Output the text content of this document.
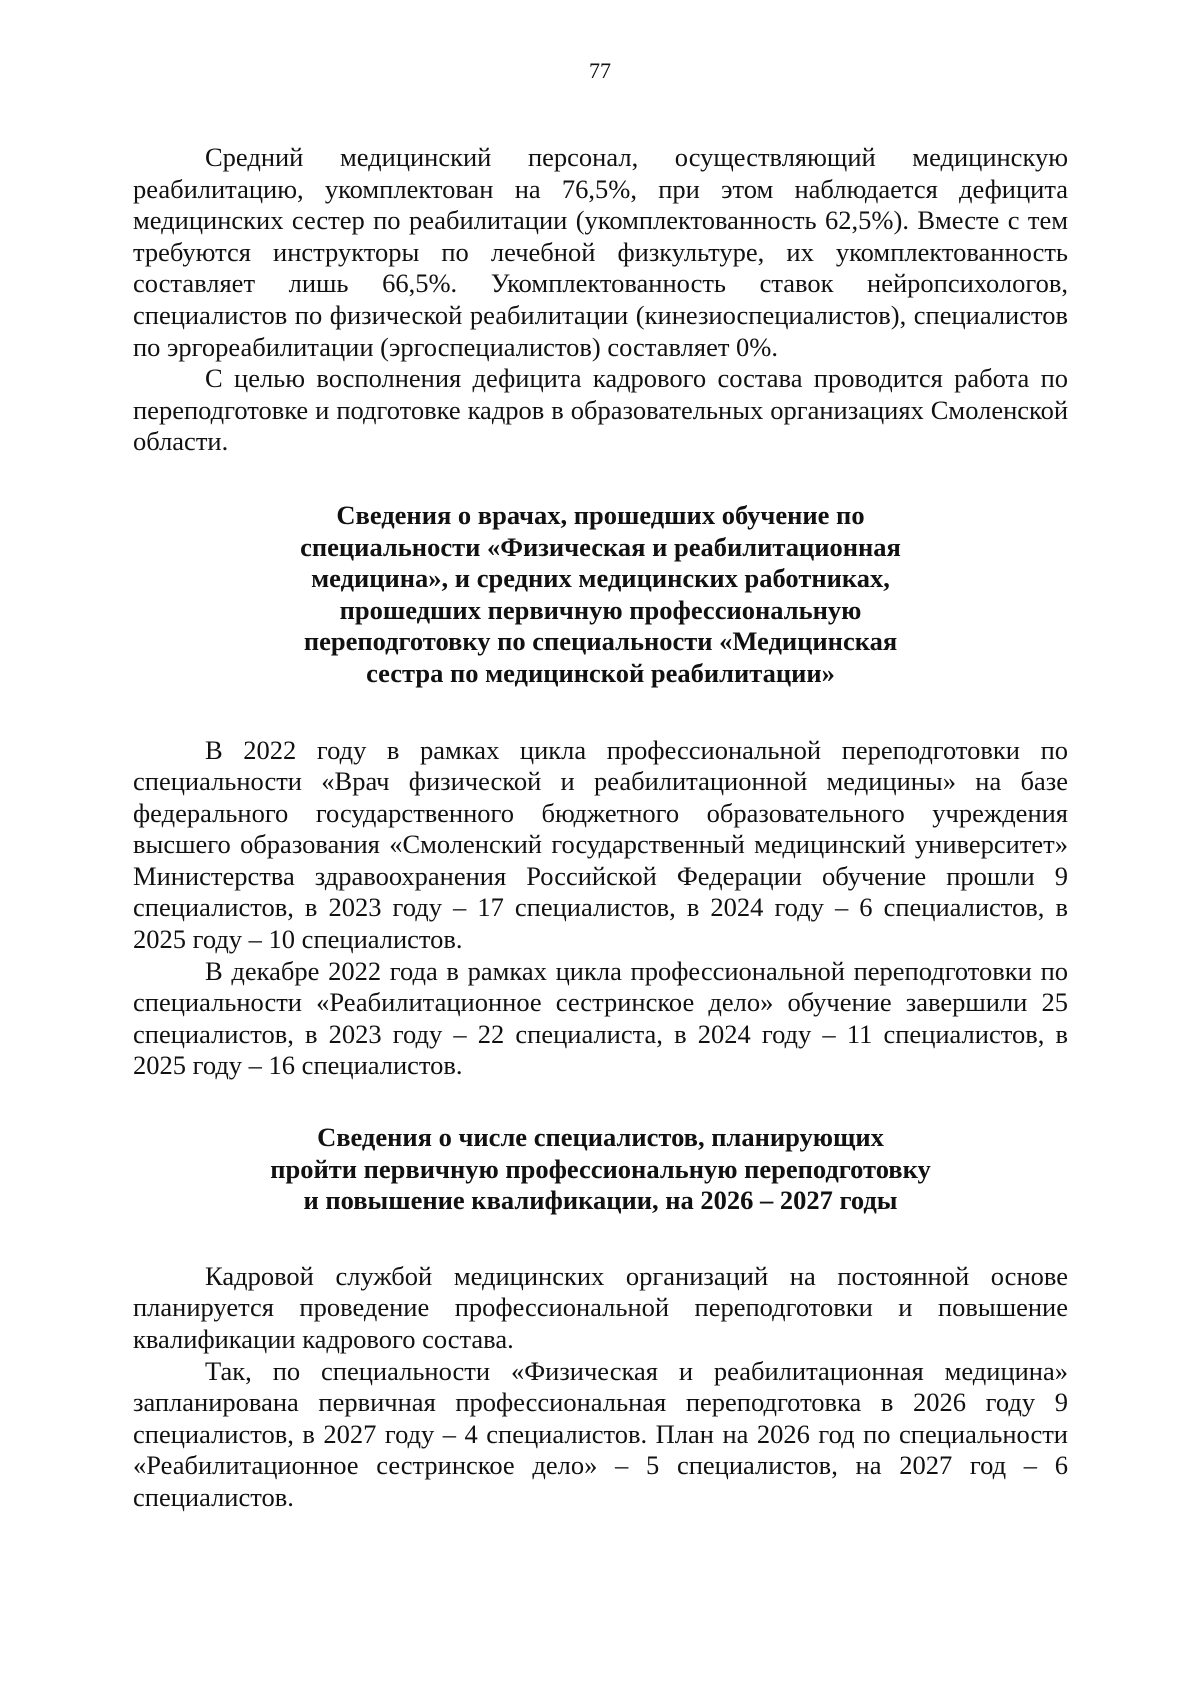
77

Средний медицинский персонал, осуществляющий медицинскую реабилитацию, укомплектован на 76,5%, при этом наблюдается дефицита медицинских сестер по реабилитации (укомплектованность 62,5%). Вместе с тем требуются инструкторы по лечебной физкультуре, их укомплектованность составляет лишь 66,5%. Укомплектованность ставок нейропсихологов, специалистов по физической реабилитации (кинезиоспециалистов), специалистов по эргореабилитации (эргоспециалистов) составляет 0%.

С целью восполнения дефицита кадрового состава проводится работа по переподготовке и подготовке кадров в образовательных организациях Смоленской области.

Сведения о врачах, прошедших обучение по
специальности «Физическая и реабилитационная
медицина», и средних медицинских работниках,
прошедших первичную профессиональную
переподготовку по специальности «Медицинская
сестра по медицинской реабилитации»

В 2022 году в рамках цикла профессиональной переподготовки по специальности «Врач физической и реабилитационной медицины» на базе федерального государственного бюджетного образовательного учреждения высшего образования «Смоленский государственный медицинский университет» Министерства здравоохранения Российской Федерации обучение прошли 9 специалистов, в 2023 году – 17 специалистов, в 2024 году – 6 специалистов, в 2025 году – 10 специалистов.

В декабре 2022 года в рамках цикла профессиональной переподготовки по специальности «Реабилитационное сестринское дело» обучение завершили 25 специалистов, в 2023 году – 22 специалиста, в 2024 году – 11 специалистов, в 2025 году – 16 специалистов.

Сведения о числе специалистов, планирующих
пройти первичную профессиональную переподготовку
и повышение квалификации, на 2026 – 2027 годы

Кадровой службой медицинских организаций на постоянной основе планируется проведение профессиональной переподготовки и повышение квалификации кадрового состава.

Так, по специальности «Физическая и реабилитационная медицина» запланирована первичная профессиональная переподготовка в 2026 году 9 специалистов, в 2027 году – 4 специалистов. План на 2026 год по специальности «Реабилитационное сестринское дело» – 5 специалистов, на 2027 год – 6 специалистов.
